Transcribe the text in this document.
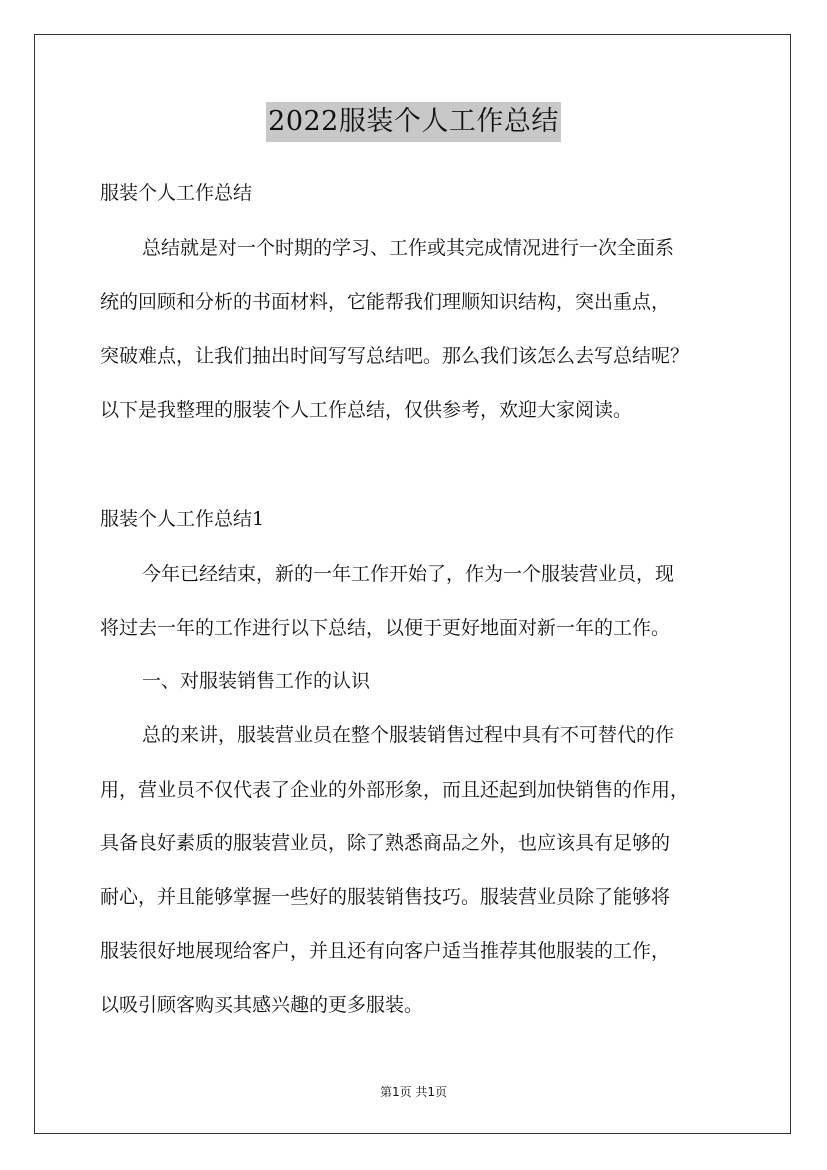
2022服装个人工作总结

服装个人工作总结

总结就是对一个时期的学习、工作或其完成情况进行一次全面系

统的回顾和分析的书面材料，它能帮我们理顺知识结构，突出重点，

突破难点，让我们抽出时间写写总结吧。那么我们该怎么去写总结呢？

以下是我整理的服装个人工作总结，仅供参考，欢迎大家阅读。

服装个人工作总结1

今年已经结束，新的一年工作开始了，作为一个服装营业员，现

将过去一年的工作进行以下总结，以便于更好地面对新一年的工作。

一、对服装销售工作的认识

总的来讲，服装营业员在整个服装销售过程中具有不可替代的作

用，营业员不仅代表了企业的外部形象，而且还起到加快销售的作用，

具备良好素质的服装营业员，除了熟悉商品之外，也应该具有足够的

耐心，并且能够掌握一些好的服装销售技巧。服装营业员除了能够将

服装很好地展现给客户，并且还有向客户适当推荐其他服装的工作，

以吸引顾客购买其感兴趣的更多服装。

第1页 共1页
